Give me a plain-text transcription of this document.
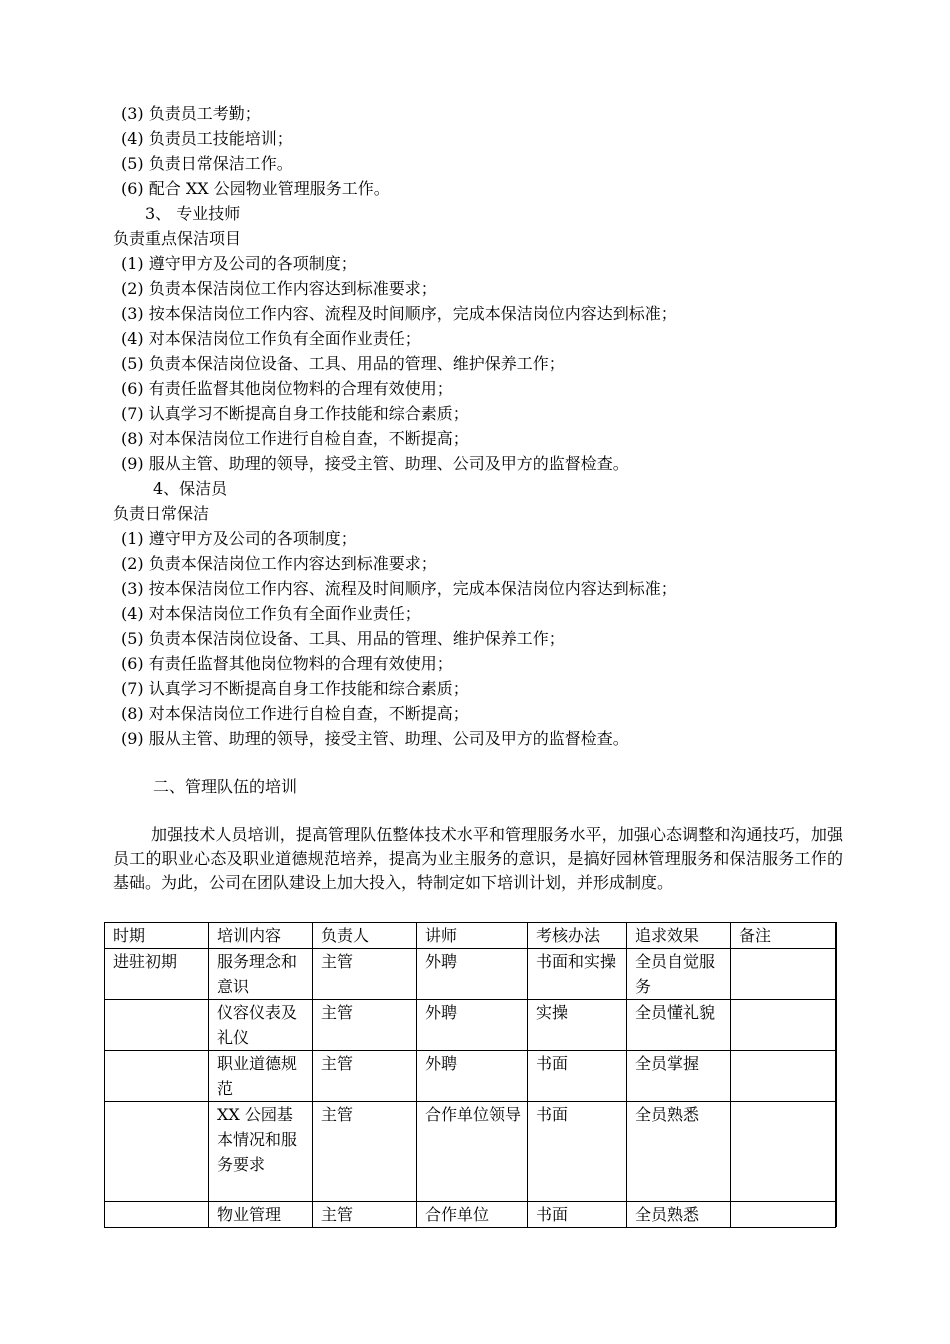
(3) 负责员工考勤；
(4) 负责员工技能培训；
(5) 负责日常保洁工作。
(6) 配合 XX 公园物业管理服务工作。
3、 专业技师
负责重点保洁项目
(1) 遵守甲方及公司的各项制度；
(2) 负责本保洁岗位工作内容达到标准要求；
(3) 按本保洁岗位工作内容、流程及时间顺序，完成本保洁岗位内容达到标准；
(4) 对本保洁岗位工作负有全面作业责任；
(5) 负责本保洁岗位设备、工具、用品的管理、维护保养工作；
(6) 有责任监督其他岗位物料的合理有效使用；
(7) 认真学习不断提高自身工作技能和综合素质；
(8) 对本保洁岗位工作进行自检自查，不断提高；
(9) 服从主管、助理的领导，接受主管、助理、公司及甲方的监督检查。
4、保洁员
负责日常保洁
(1) 遵守甲方及公司的各项制度；
(2) 负责本保洁岗位工作内容达到标准要求；
(3) 按本保洁岗位工作内容、流程及时间顺序，完成本保洁岗位内容达到标准；
(4) 对本保洁岗位工作负有全面作业责任；
(5) 负责本保洁岗位设备、工具、用品的管理、维护保养工作；
(6) 有责任监督其他岗位物料的合理有效使用；
(7) 认真学习不断提高自身工作技能和综合素质；
(8) 对本保洁岗位工作进行自检自查，不断提高；
(9) 服从主管、助理的领导，接受主管、助理、公司及甲方的监督检查。
二、管理队伍的培训
加强技术人员培训，提高管理队伍整体技术水平和管理服务水平，加强心态调整和沟通技巧，加强员工的职业心态及职业道德规范培养，提高为业主服务的意识，是搞好园林管理服务和保洁服务工作的基础。为此，公司在团队建设上加大投入，特制定如下培训计划，并形成制度。
时期	培训内容	负责人	讲师	考核办法	追求效果	备注
进驻初期	服务理念和意识	主管	外聘	书面和实操	全员自觉服务	
	仪容仪表及礼仪	主管	外聘	实操	全员懂礼貌	
	职业道德规范	主管	外聘	书面	全员掌握	
	XX 公园基本情况和服务要求	主管	合作单位领导	书面	全员熟悉	
	物业管理	主管	合作单位	书面	全员熟悉	
